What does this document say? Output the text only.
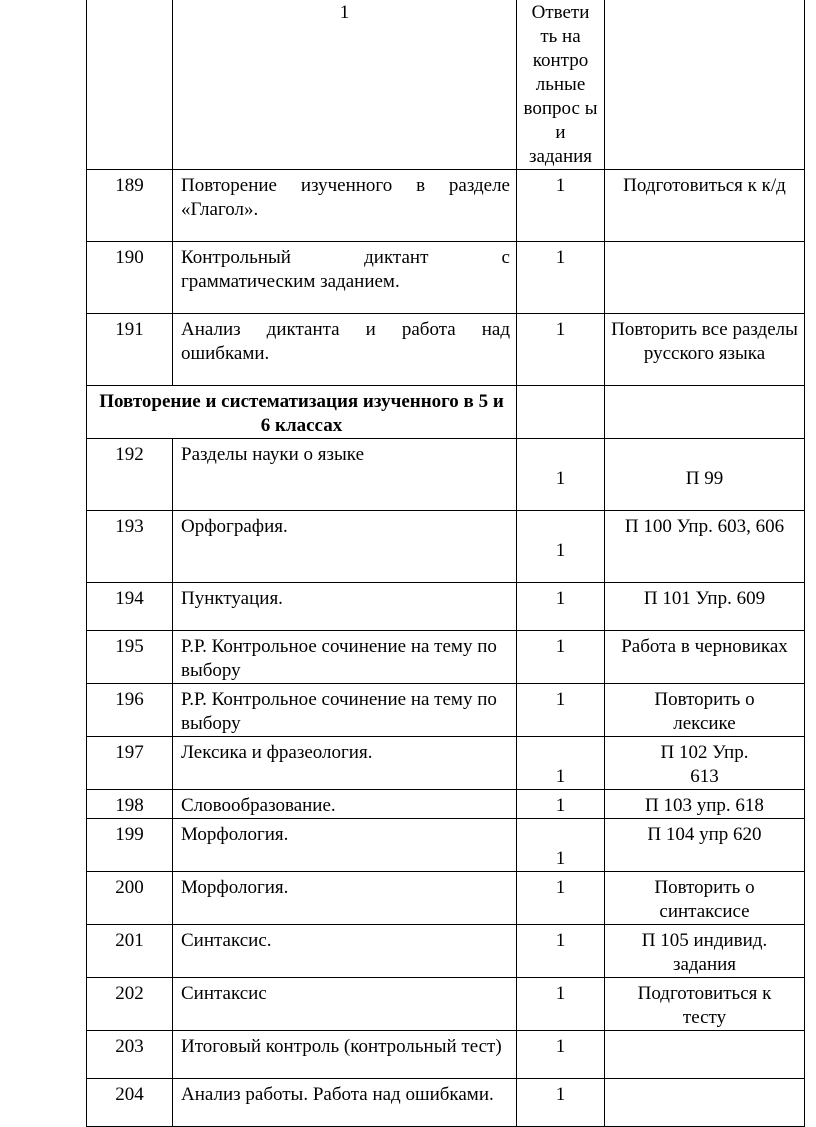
	1	Ответи ть на контро льные вопрос ы и задания	
189	Повторение изученного в разделе «Глагол».	1	Подготовиться к к/д
190	Контрольный диктант с грамматическим заданием.	1	
191	Анализ диктанта и работа над ошибками.	1	Повторить все разделы русского языка
Повторение и систематизация изученного в 5 и 6 классах			
192	Разделы науки о языке	1	П 99
193	Орфография.	1	П 100 Упр. 603, 606
194	Пунктуация.	1	П 101 Упр. 609
195	Р.Р. Контрольное сочинение на тему по выбору	1	Работа в черновиках
196	Р.Р. Контрольное сочинение на тему по выбору	1	Повторить о лексике
197	Лексика и фразеология.	1	П 102 Упр. 613
198	Словообразование.	1	П 103 упр. 618
199	Морфология.	1	П 104 упр 620
200	Морфология.	1	Повторить о синтаксисе
201	Синтаксис.	1	П 105 индивид. задания
202	Синтаксис	1	Подготовиться к тесту
203	Итоговый контроль (контрольный тест)	1	
204	Анализ работы. Работа над ошибками.	1	
